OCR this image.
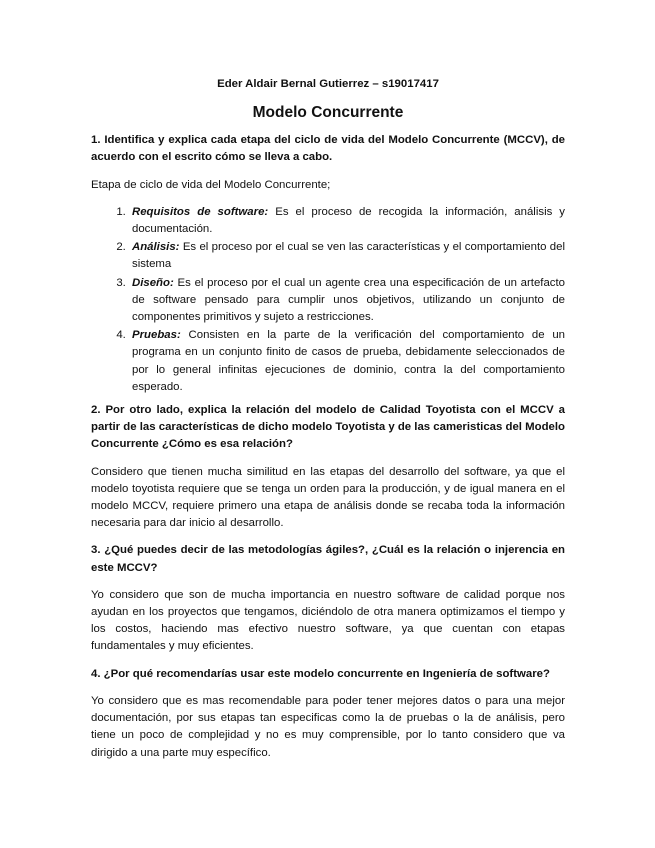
Eder Aldair Bernal Gutierrez – s19017417
Modelo Concurrente
1. Identifica y explica cada etapa del ciclo de vida del Modelo Concurrente (MCCV), de acuerdo con el escrito cómo se lleva a cabo.

Etapa de ciclo de vida del Modelo Concurrente;

1. Requisitos de software: Es el proceso de recogida la información, análisis y documentación.
2. Análisis: Es el proceso por el cual se ven las características y el comportamiento del sistema
3. Diseño: Es el proceso por el cual un agente crea una especificación de un artefacto de software pensado para cumplir unos objetivos, utilizando un conjunto de componentes primitivos y sujeto a restricciones.
4. Pruebas: Consisten en la parte de la verificación del comportamiento de un programa en un conjunto finito de casos de prueba, debidamente seleccionados de por lo general infinitas ejecuciones de dominio, contra la del comportamiento esperado.
2. Por otro lado, explica la relación del modelo de Calidad Toyotista con el MCCV a partir de las características de dicho modelo Toyotista y de las cameristicas del Modelo Concurrente ¿Cómo es esa relación?

Considero que tienen mucha similitud en las etapas del desarrollo del software, ya que el modelo toyotista requiere que se tenga un orden para la producción, y de igual manera en el modelo MCCV, requiere primero una etapa de análisis donde se recaba toda la información necesaria para dar inicio al desarrollo.

3. ¿Qué puedes decir de las metodologías ágiles?, ¿Cuál es la relación o injerencia en este MCCV?

Yo considero que son de mucha importancia en nuestro software de calidad porque nos ayudan en los proyectos que tengamos, diciéndolo de otra manera optimizamos el tiempo y los costos, haciendo mas efectivo nuestro software, ya que cuentan con etapas fundamentales y muy eficientes.

4. ¿Por qué recomendarías usar este modelo concurrente en Ingeniería de software?

Yo considero que es mas recomendable para poder tener mejores datos o para una mejor documentación, por sus etapas tan especificas como la de pruebas o la de análisis, pero tiene un poco de complejidad y no es muy comprensible, por lo tanto considero que va dirigido a una parte muy específico.
